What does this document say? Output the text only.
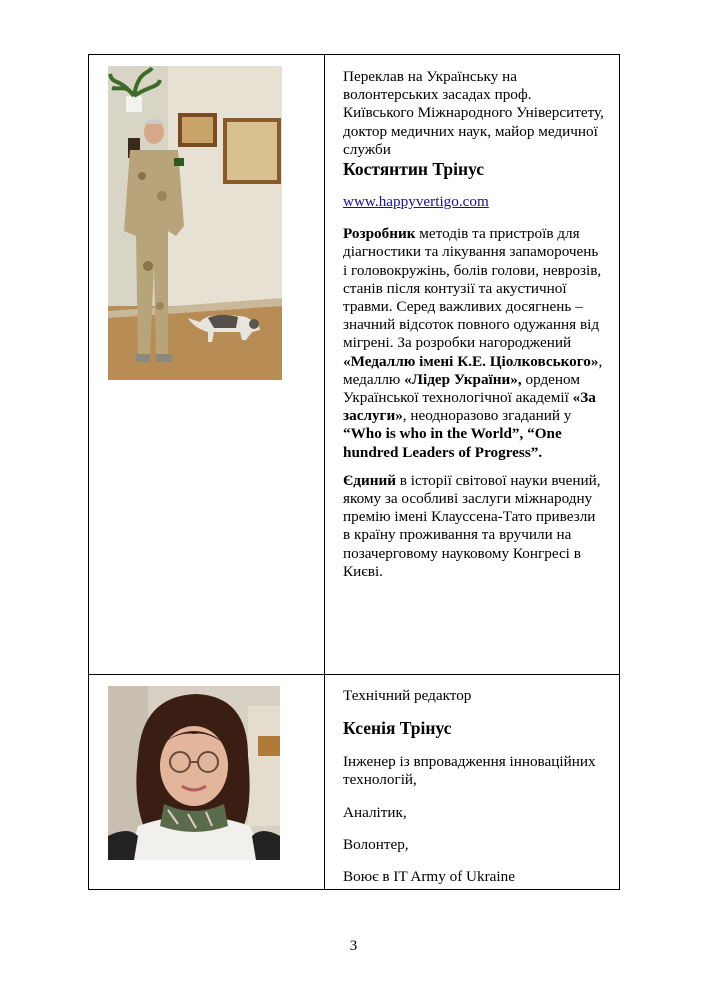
Переклав на Українську на волонтерських засадах проф. Київського Міжнародного Університету, доктор медичних наук, майор медичної служби

Костянтин Трінус

www.happyvertigo.com

Розробник методів та пристроїв для діагностики та лікування запаморочень і головокружінь, болів голови, неврозів, станів після контузії та акустичної травми. Серед важливих досягнень – значний відсоток повного одужання від мігрені. За розробки нагороджений «Медаллю імені К.Е. Ціолковського», медаллю «Лідер України», орденом Української технологічної академії «За заслуги», неодноразово згаданий у “Who is who in the World”, “One hundred Leaders of Progress”.

Єдиний в історії світової науки вчений, якому за особливі заслуги міжнародну премію імені Клауссена-Тато привезли в країну проживання та вручили на позачерговому науковому Конгресі в Києві.

Технічний редактор

Ксенія Трінус

Інженер із впровадження інноваційних технологій,

Аналітик,

Волонтер,

Воює в IT Army of Ukraine

3
